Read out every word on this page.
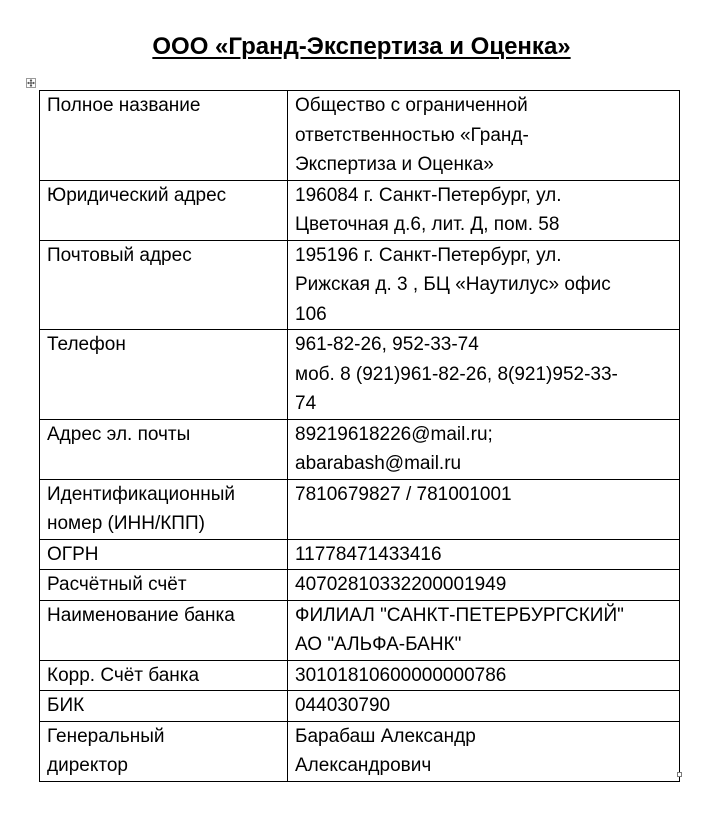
ООО «Гранд-Экспертиза и Оценка»
Полное название	Общество с ограниченной
ответственностью «Гранд-
Экспертиза и Оценка»
Юридический адрес	196084 г. Санкт-Петербург, ул.
Цветочная д.6, лит. Д, пом. 58
Почтовый адрес	195196 г. Санкт-Петербург, ул.
Рижская д. 3 , БЦ «Наутилус» офис
106
Телефон	961-82-26, 952-33-74
моб. 8 (921)961-82-26, 8(921)952-33-
74
Адрес эл. почты	89219618226@mail.ru;
abarabash@mail.ru
Идентификационный
номер (ИНН/КПП)	7810679827 / 781001001
ОГРН	11778471433416
Расчётный счёт	40702810332200001949
Наименование банка	ФИЛИАЛ "САНКТ-ПЕТЕРБУРГСКИЙ"
АО "АЛЬФА-БАНК"
Корр. Счёт банка	30101810600000000786
БИК	044030790
Генеральный
директор	Барабаш Александр
Александрович
